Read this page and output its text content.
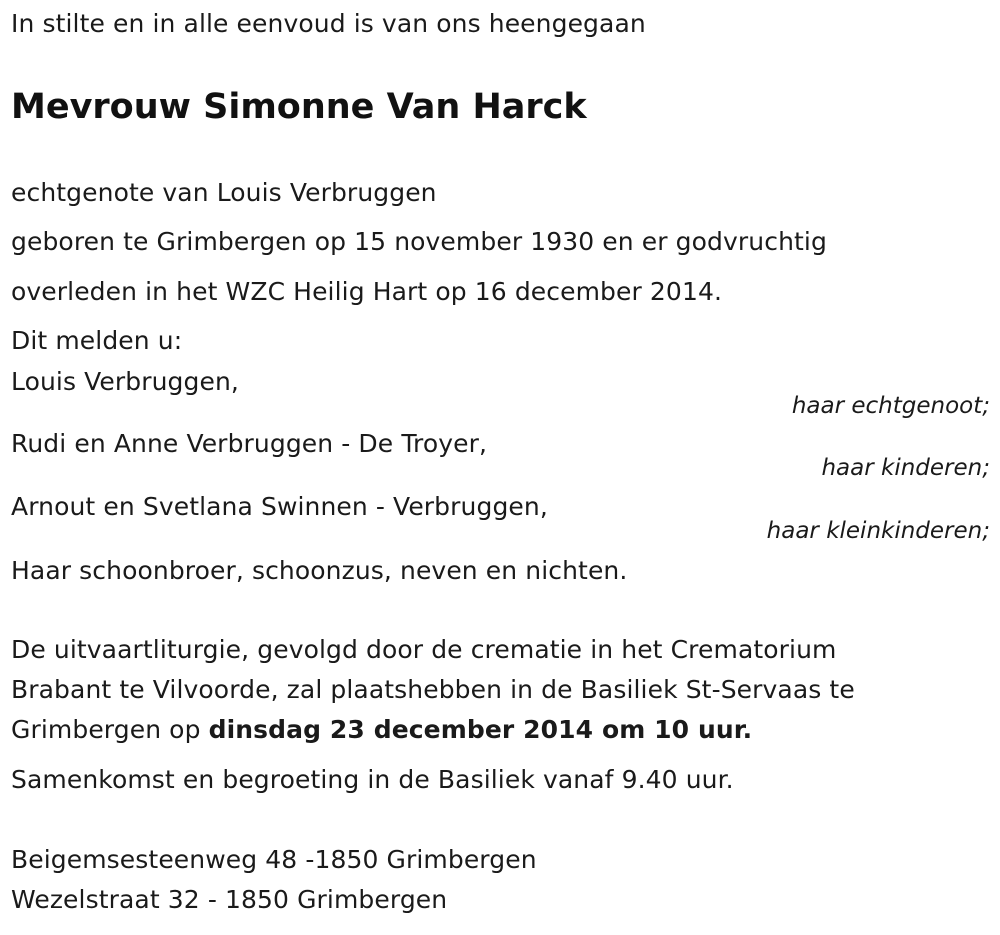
In stilte en in alle eenvoud is van ons heengegaan
Mevrouw Simonne Van Harck
echtgenote van Louis Verbruggen
geboren te Grimbergen op 15 november 1930 en er godvruchtig
overleden in het WZC Heilig Hart op 16 december 2014.
Dit melden u:
Louis Verbruggen,
haar echtgenoot;
Rudi en Anne Verbruggen - De Troyer,
haar kinderen;
Arnout en Svetlana Swinnen - Verbruggen,
haar kleinkinderen;
Haar schoonbroer, schoonzus, neven en nichten.
De uitvaartliturgie, gevolgd door de crematie in het Crematorium
Brabant te Vilvoorde, zal plaatshebben in de Basiliek St-Servaas te
Grimbergen op dinsdag 23 december 2014 om 10 uur.
Samenkomst en begroeting in de Basiliek vanaf 9.40 uur.
Beigemsesteenweg 48 -1850 Grimbergen
Wezelstraat 32 - 1850 Grimbergen
